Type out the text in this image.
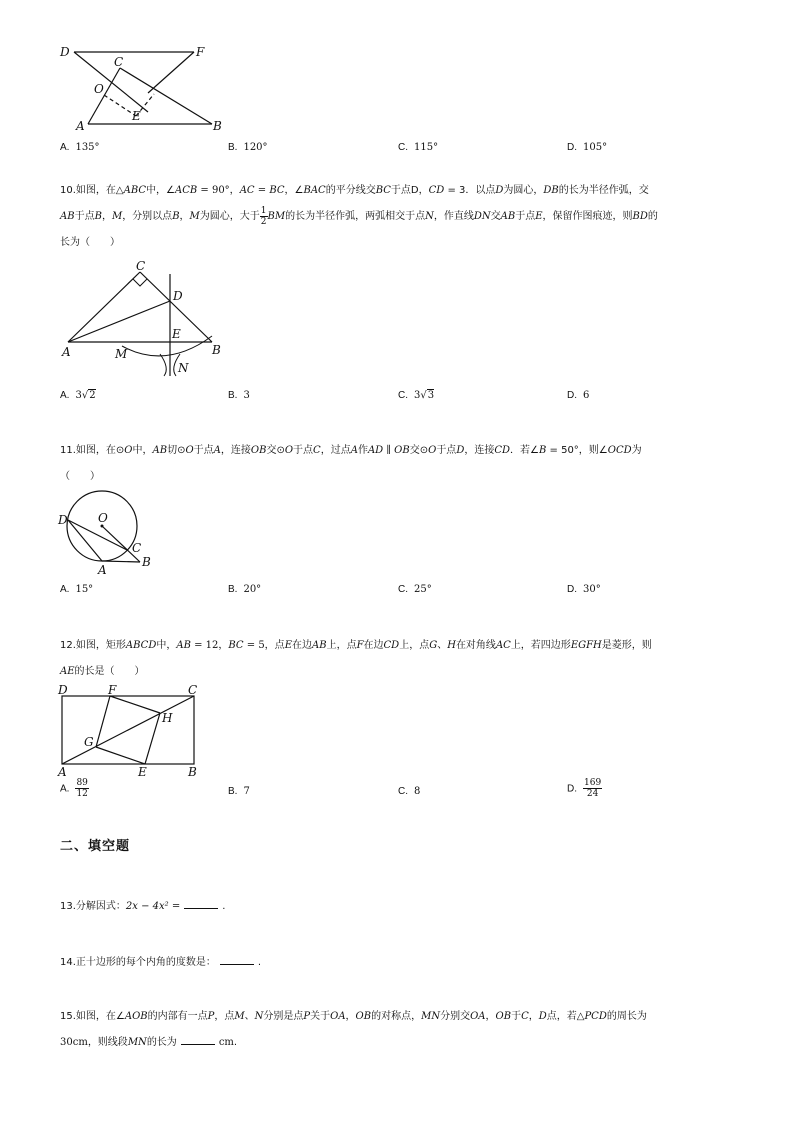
D	F
C
O
E
A	B
A. 135°	B. 120°	C. 115°	D. 105°
10.如图，在△ABC中，∠ACB = 90°，AC = BC，∠BAC的平分线交BC于点D，CD = 3．以点D为圆心，DB的长为半径作弧，交
AB于点B，M，分别以点B，M为圆心，大于 $\frac{1}{2}$ BM的长为半径作弧，两弧相交于点N，作直线DN交AB于点E，保留作图痕迹，则BD的
长为（　　）
C
D
E
A	M	B
N
A. 3√2	B. 3	C. 3√3	D. 6
11.如图，在⊙O中，AB切⊙O于点A，连接OB交⊙O于点C，过点A作AD ∥ OB交⊙O于点D，连接CD．若∠B = 50°，则∠OCD为
（　　）
D	O
C
A
B
A. 15°	B. 20°	C. 25°	D. 30°
12.如图，矩形ABCD中，AB = 12，BC = 5，点E在边AB上，点F在边CD上，点G、H在对角线AC上，若四边形EGFH是菱形，则
AE的长是（　　）
D	F	C
H
G
A	E	B
A. $\frac{89}{12}$	B. 7	C. 8	D. $\frac{169}{24}$
二、填空题
13.分解因式：2x − 4x² =	.
14.正十边形的每个内角的度数是：	.
15.如图，在∠AOB的内部有一点P，点M、N分别是点P关于OA，OB的对称点，MN分别交OA，OB于C，D点，若△PCD的周长为
30cm，则线段MN的长为	cm.
